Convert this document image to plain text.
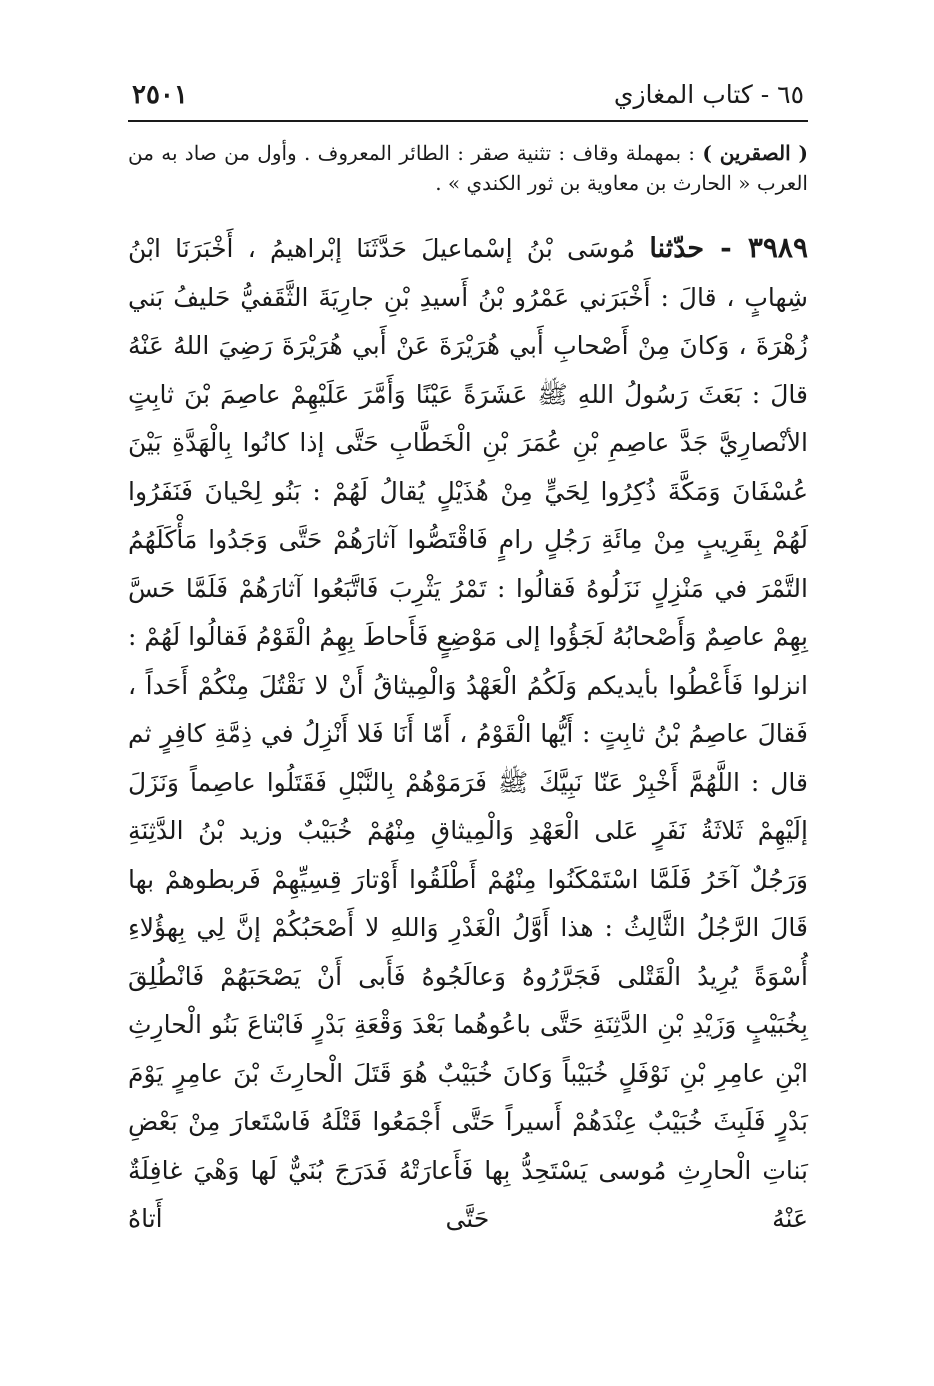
٦٥ - كتاب المغازي
٢٥٠١
( الصقرين ) : بمهملة وقاف : تثنية صقر : الطائر المعروف . وأول من صاد به من العرب « الحارث بن معاوية بن ثور الكندي » .
٣٩٨٩ - حدّثنا مُوسَى بْنُ إسْماعيلَ حَدَّثَنَا إبْراهيمُ ، أَخْبَرَنَا ابْنُ شِهابٍ ، قالَ : أَخْبَرَني عَمْرُو بْنُ أَسيدِ بْنِ جارِيَةَ الثَّقَفيُّ حَليفُ بَني زُهْرَةَ ، وَكانَ مِنْ أَصْحابِ أَبي هُرَيْرَةَ عَنْ أَبي هُرَيْرَةَ رَضِيَ اللهُ عَنْهُ قالَ : بَعَثَ رَسُولُ اللهِ ﷺ عَشَرَةً عَيْنًا وَأَمَّرَ عَلَيْهِمْ عاصِمَ بْنَ ثابِتٍ الأنْصارِيَّ جَدَّ عاصِمِ بْنِ عُمَرَ بْنِ الْخَطَّابِ حَتَّى إذا كانُوا بِالْهَدَّةِ بَيْنَ عُسْفَانَ وَمَكَّةَ ذُكِرُوا لِحَيٍّ مِنْ هُذَيْلٍ يُقالُ لَهُمْ : بَنُو لِحْيانَ فَنَفَرُوا لَهُمْ بِقَرِيبٍ مِنْ مِائَةِ رَجُلٍ رامٍ فَاقْتَصُّوا آثارَهُمْ حَتَّى وَجَدُوا مَأْكَلَهُمُ التَّمْرَ في مَنْزِلٍ نَزَلُوهُ فَقالُوا : تَمْرُ يَثْرِبَ فَاتَّبَعُوا آثارَهُمْ فَلَمَّا حَسَّ بِهِمْ عاصِمٌ وَأَصْحابُهُ لَجَؤُوا إلى مَوْضِعٍ فَأَحاطَ بِهِمُ الْقَوْمُ فَقالُوا لَهُمْ : انزلوا فَأَعْطُوا بأيديكم وَلَكُمُ الْعَهْدُ وَالْمِيثاقُ أَنْ لا نَقْتُلَ مِنْكُمْ أَحَداً ، فَقالَ عاصِمُ بْنُ ثابِتٍ : أَيُّها الْقَوْمُ ، أَمّا أَنَا فَلا أَنْزِلُ في ذِمَّةِ كافِرٍ ثم قال : اللَّهُمَّ أَخْبِرْ عَنّا نَبِيَّكَ ﷺ فَرَمَوْهُمْ بِالنَّبْلِ فَقَتَلُوا عاصِماً وَنَزَلَ إلَيْهِمْ ثَلاثَةُ نَفَرٍ عَلى الْعَهْدِ وَالْمِيثاقِ مِنْهُمْ خُبَيْبٌ وزيد بْنُ الدَّثِنَةِ وَرَجُلٌ آخَرُ فَلَمَّا اسْتَمْكَنُوا مِنْهُمْ أَطْلَقُوا أَوْتارَ قِسِيِّهِمْ فَربطوهمْ بها قَالَ الرَّجُلُ الثَّالِثُ : هذا أَوَّلُ الْغَدْرِ وَاللهِ لا أَصْحَبُكُمْ إنَّ لِي بِهؤُلاءِ أُسْوَةً يُرِيدُ الْقَتْلى فَجَرَّرُوهُ وَعالَجُوهُ فَأَبى أَنْ يَصْحَبَهُمْ فَانْطُلِقَ بِخُبَيْبٍ وَزَيْدِ بْنِ الدَّثِنَةِ حَتَّى باعُوهُما بَعْدَ وَقْعَةِ بَدْرٍ فَابْتاعَ بَنُو الْحارِثِ ابْنِ عامِرِ بْنِ نَوْفَلٍ خُبَيْباً وَكانَ خُبَيْبٌ هُوَ قَتَلَ الْحارِثَ بْنَ عامِرٍ يَوْمَ بَدْرٍ فَلَبِثَ خُبَيْبٌ عِنْدَهُمْ أَسيراً حَتَّى أَجْمَعُوا قَتْلَهُ فَاسْتَعارَ مِنْ بَعْضِ بَناتِ الْحارِثِ مُوسى يَسْتَحِدُّ بِها فَأَعارَتْهُ فَدَرَجَ بُنَيٌّ لَها وَهْيَ غافِلَةٌ عَنْهُ حَتَّى أَتاهُ
